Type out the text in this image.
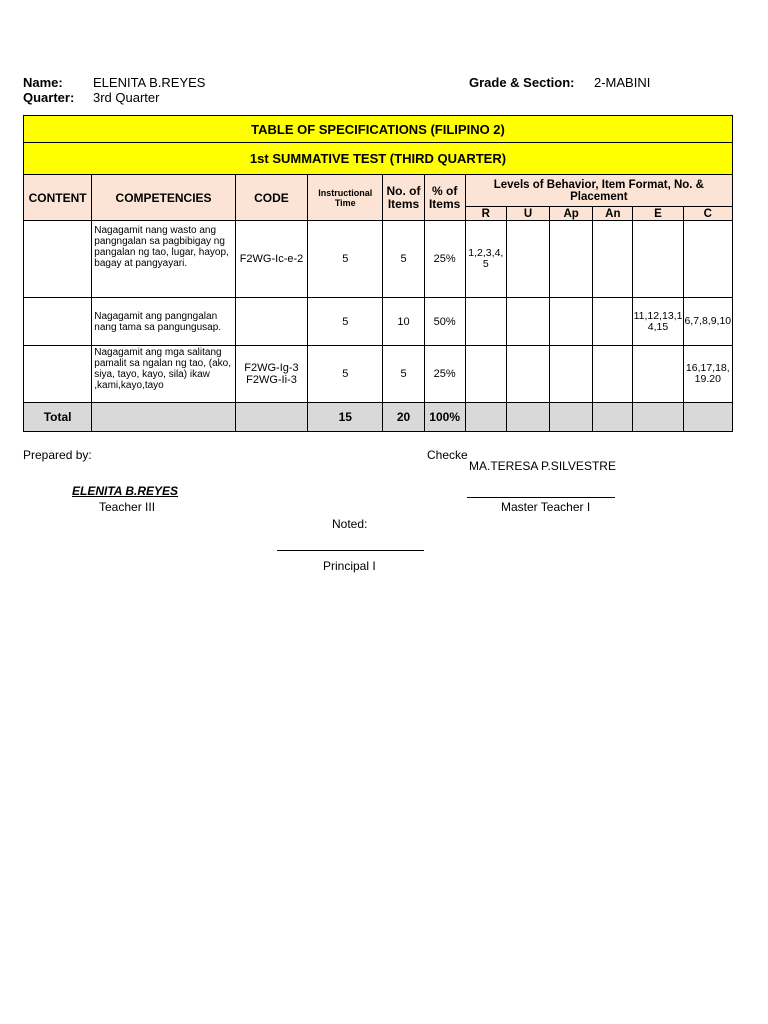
Name: ELENITA B.REYES
Quarter: 3rd Quarter
Grade & Section: 2-MABINI
TABLE OF SPECIFICATIONS (FILIPINO 2)											
1st SUMMATIVE TEST (THIRD QUARTER)											
CONTENT	COMPETENCIES	CODE	Instructional Time	No. of Items	% of Items	Levels of Behavior, Item Format, No. & Placement					
						R	U	Ap	An	E	C
	Nagagamit nang wasto ang pangngalan sa pagbibigay ng pangalan ng tao, lugar, hayop, bagay at pangyayari.	F2WG-Ic-e-2	5	5	25%	1,2,3,4,5					
	Nagagamit ang pangngalan nang tama sa pangungusap.		5	10	50%					11,12,13,14,15	6,7,8,9,10
	Nagagamit ang mga salitang pamalit sa ngalan ng tao, (ako, siya, tayo, kayo, sila) ikaw ,kami,kayo,tayo	F2WG-Ig-3
F2WG-Ii-3	5	5	25%						16,17,18,19.20
Total			15	20	100%						
Prepared by:
ELENITA B.REYES
Teacher III
Checke
MA.TERESA P.SILVESTRE
Master Teacher I
Noted:
Principal I
